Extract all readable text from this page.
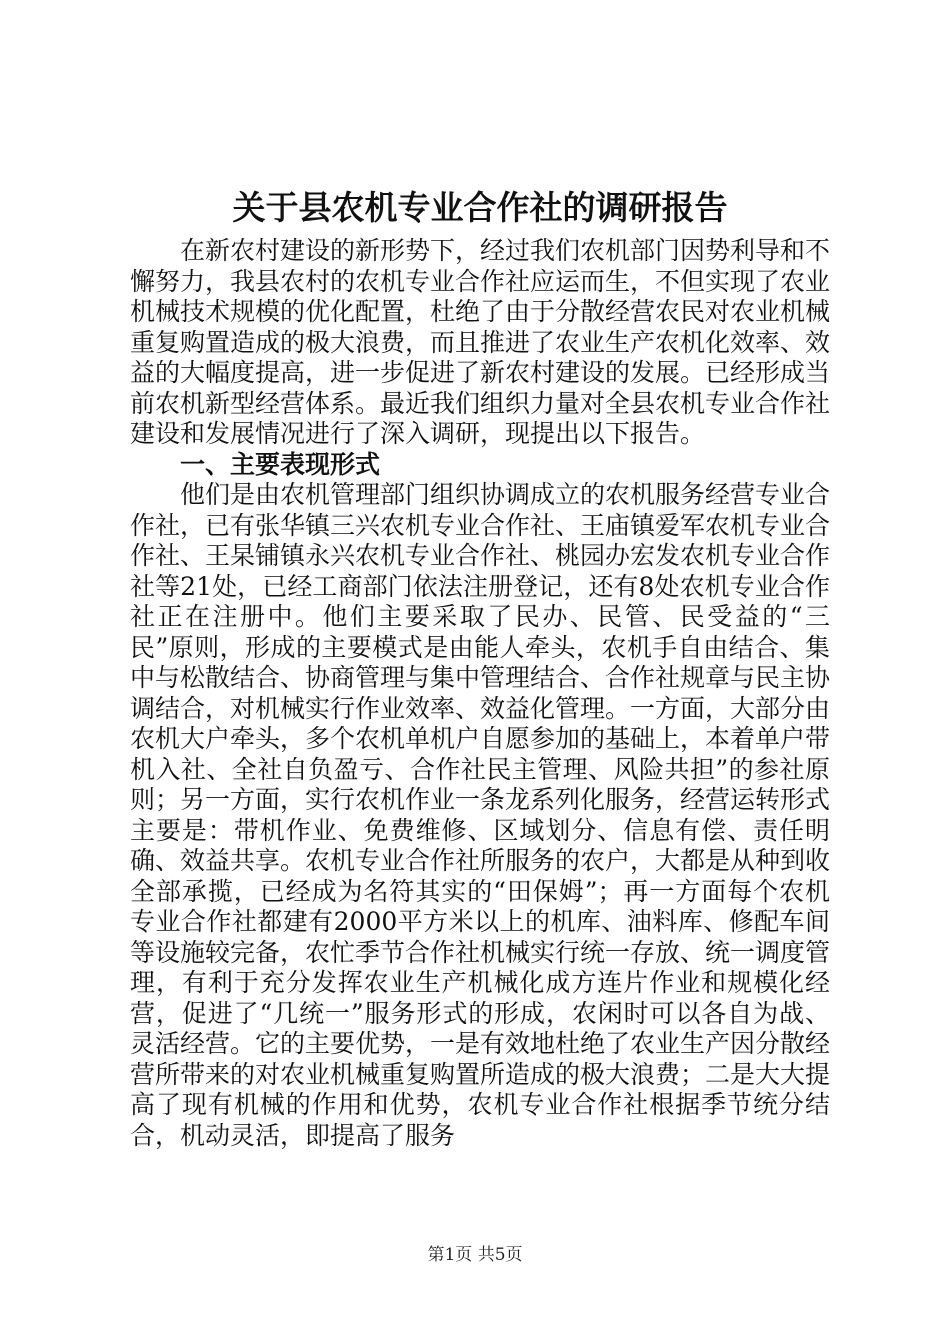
关于县农机专业合作社的调研报告

在新农村建设的新形势下，经过我们农机部门因势利导和不懈努力，我县农村的农机专业合作社应运而生，不但实现了农业机械技术规模的优化配置，杜绝了由于分散经营农民对农业机械重复购置造成的极大浪费，而且推进了农业生产农机化效率、效益的大幅度提高，进一步促进了新农村建设的发展。已经形成当前农机新型经营体系。最近我们组织力量对全县农机专业合作社建设和发展情况进行了深入调研，现提出以下报告。

一、主要表现形式

他们是由农机管理部门组织协调成立的农机服务经营专业合作社，已有张华镇三兴农机专业合作社、王庙镇爱军农机专业合作社、王杲铺镇永兴农机专业合作社、桃园办宏发农机专业合作社等21处，已经工商部门依法注册登记，还有8处农机专业合作社正在注册中。他们主要采取了民办、民管、民受益的“三民”原则，形成的主要模式是由能人牵头，农机手自由结合、集中与松散结合、协商管理与集中管理结合、合作社规章与民主协调结合，对机械实行作业效率、效益化管理。一方面，大部分由农机大户牵头，多个农机单机户自愿参加的基础上，本着单户带机入社、全社自负盈亏、合作社民主管理、风险共担”的参社原则；另一方面，实行农机作业一条龙系列化服务，经营运转形式主要是：带机作业、免费维修、区域划分、信息有偿、责任明确、效益共享。农机专业合作社所服务的农户，大都是从种到收全部承揽，已经成为名符其实的“田保姆”；再一方面每个农机专业合作社都建有2000平方米以上的机库、油料库、修配车间等设施较完备，农忙季节合作社机械实行统一存放、统一调度管理，有利于充分发挥农业生产机械化成方连片作业和规模化经营，促进了“几统一”服务形式的形成，农闲时可以各自为战、灵活经营。它的主要优势，一是有效地杜绝了农业生产因分散经营所带来的对农业机械重复购置所造成的极大浪费；二是大大提高了现有机械的作用和优势，农机专业合作社根据季节统分结合，机动灵活，即提高了服务

第1页 共5页
